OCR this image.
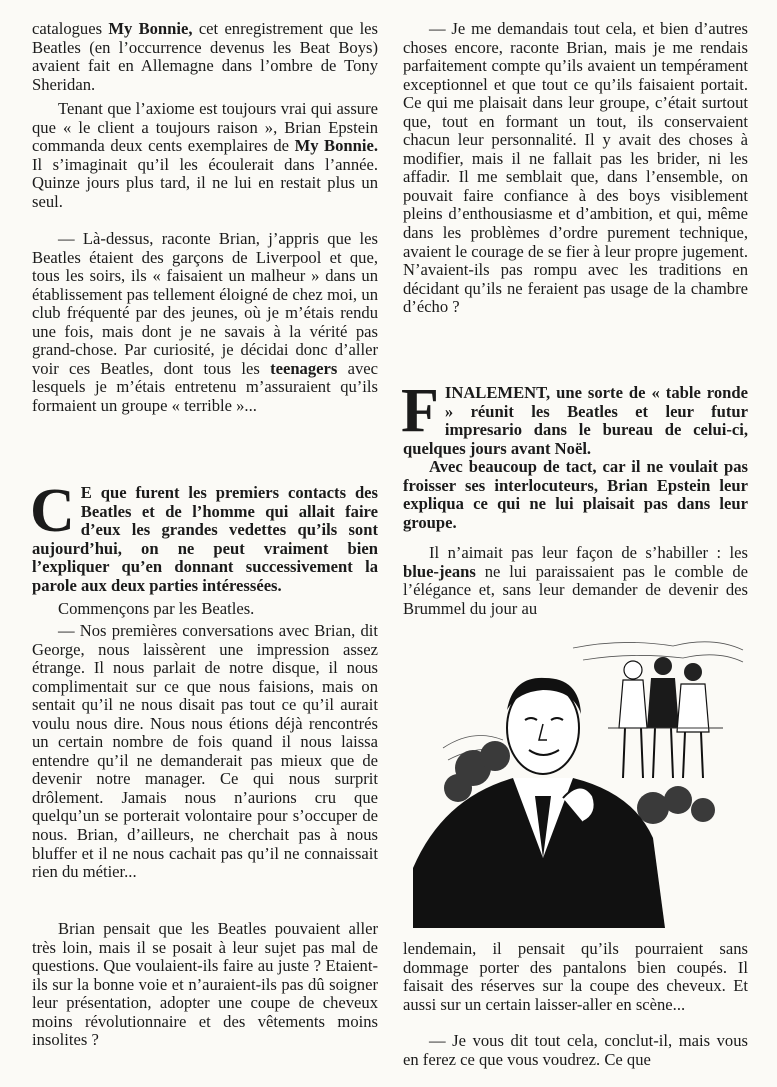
catalogues My Bonnie, cet enregistrement que les Beatles (en l’occurrence devenus les Beat Boys) avaient fait en Allemagne dans l’ombre de Tony Sheridan.

Tenant que l’axiome est toujours vrai qui assure que « le client a toujours raison », Brian Epstein commanda deux cents exemplaires de My Bonnie. Il s’imaginait qu’il les écoulerait dans l’année. Quinze jours plus tard, il ne lui en restait plus un seul.

— Là-dessus, raconte Brian, j’appris que les Beatles étaient des garçons de Liverpool et que, tous les soirs, ils « faisaient un malheur » dans un établissement pas tellement éloigné de chez moi, un club fréquenté par des jeunes, où je m’étais rendu une fois, mais dont je ne savais à la vérité pas grand-chose. Par curiosité, je décidai donc d’aller voir ces Beatles, dont tous les teenagers avec lesquels je m’étais entretenu m’assuraient qu’ils formaient un groupe « terrible »...

C E que furent les premiers contacts des Beatles et de l’homme qui allait faire d’eux les grandes vedettes qu’ils sont aujourd’hui, on ne peut vraiment bien l’expliquer qu’en donnant successivement la parole aux deux parties intéressées.

Commençons par les Beatles.

— Nos premières conversations avec Brian, dit George, nous laissèrent une impression assez étrange. Il nous parlait de notre disque, il nous complimentait sur ce que nous faisions, mais on sentait qu’il ne nous disait pas tout ce qu’il aurait voulu nous dire. Nous nous étions déjà rencontrés un certain nombre de fois quand il nous laissa entendre qu’il ne demanderait pas mieux que de devenir notre manager. Ce qui nous surprit drôlement. Jamais nous n’aurions cru que quelqu’un se porterait volontaire pour s’occuper de nous. Brian, d’ailleurs, ne cherchait pas à nous bluffer et il ne nous cachait pas qu’il ne connaissait rien du métier...

Brian pensait que les Beatles pouvaient aller très loin, mais il se posait à leur sujet pas mal de questions. Que voulaient-ils faire au juste ? Etaient-ils sur la bonne voie et n’auraient-ils pas dû soigner leur présentation, adopter une coupe de cheveux moins révolutionnaire et des vêtements moins insolites ?

— Je me demandais tout cela, et bien d’autres choses encore, raconte Brian, mais je me rendais parfaitement compte qu’ils avaient un tempérament exceptionnel et que tout ce qu’ils faisaient portait. Ce qui me plaisait dans leur groupe, c’était surtout que, tout en formant un tout, ils conservaient chacun leur personnalité. Il y avait des choses à modifier, mais il ne fallait pas les brider, ni les affadir. Il me semblait que, dans l’ensemble, on pouvait faire confiance à des boys visiblement pleins d’enthousiasme et d’ambition, et qui, même dans les problèmes d’ordre purement technique, avaient le courage de se fier à leur propre jugement. N’avaient-ils pas rompu avec les traditions en décidant qu’ils ne feraient pas usage de la chambre d’écho ?

F INALEMENT, une sorte de « table ronde » réunit les Beatles et leur futur impresario dans le bureau de celui-ci, quelques jours avant Noël.

Avec beaucoup de tact, car il ne voulait pas froisser ses interlocuteurs, Brian Epstein leur expliqua ce qui ne lui plaisait pas dans leur groupe.

Il n’aimait pas leur façon de s’habiller : les blue-jeans ne lui paraissaient pas le comble de l’élégance et, sans leur demander de devenir des Brummel du jour au

lendemain, il pensait qu’ils pourraient sans dommage porter des pantalons bien coupés. Il faisait des réserves sur la coupe des cheveux. Et aussi sur un certain laisser-aller en scène...

— Je vous dit tout cela, conclut-il, mais vous en ferez ce que vous voudrez. Ce que
